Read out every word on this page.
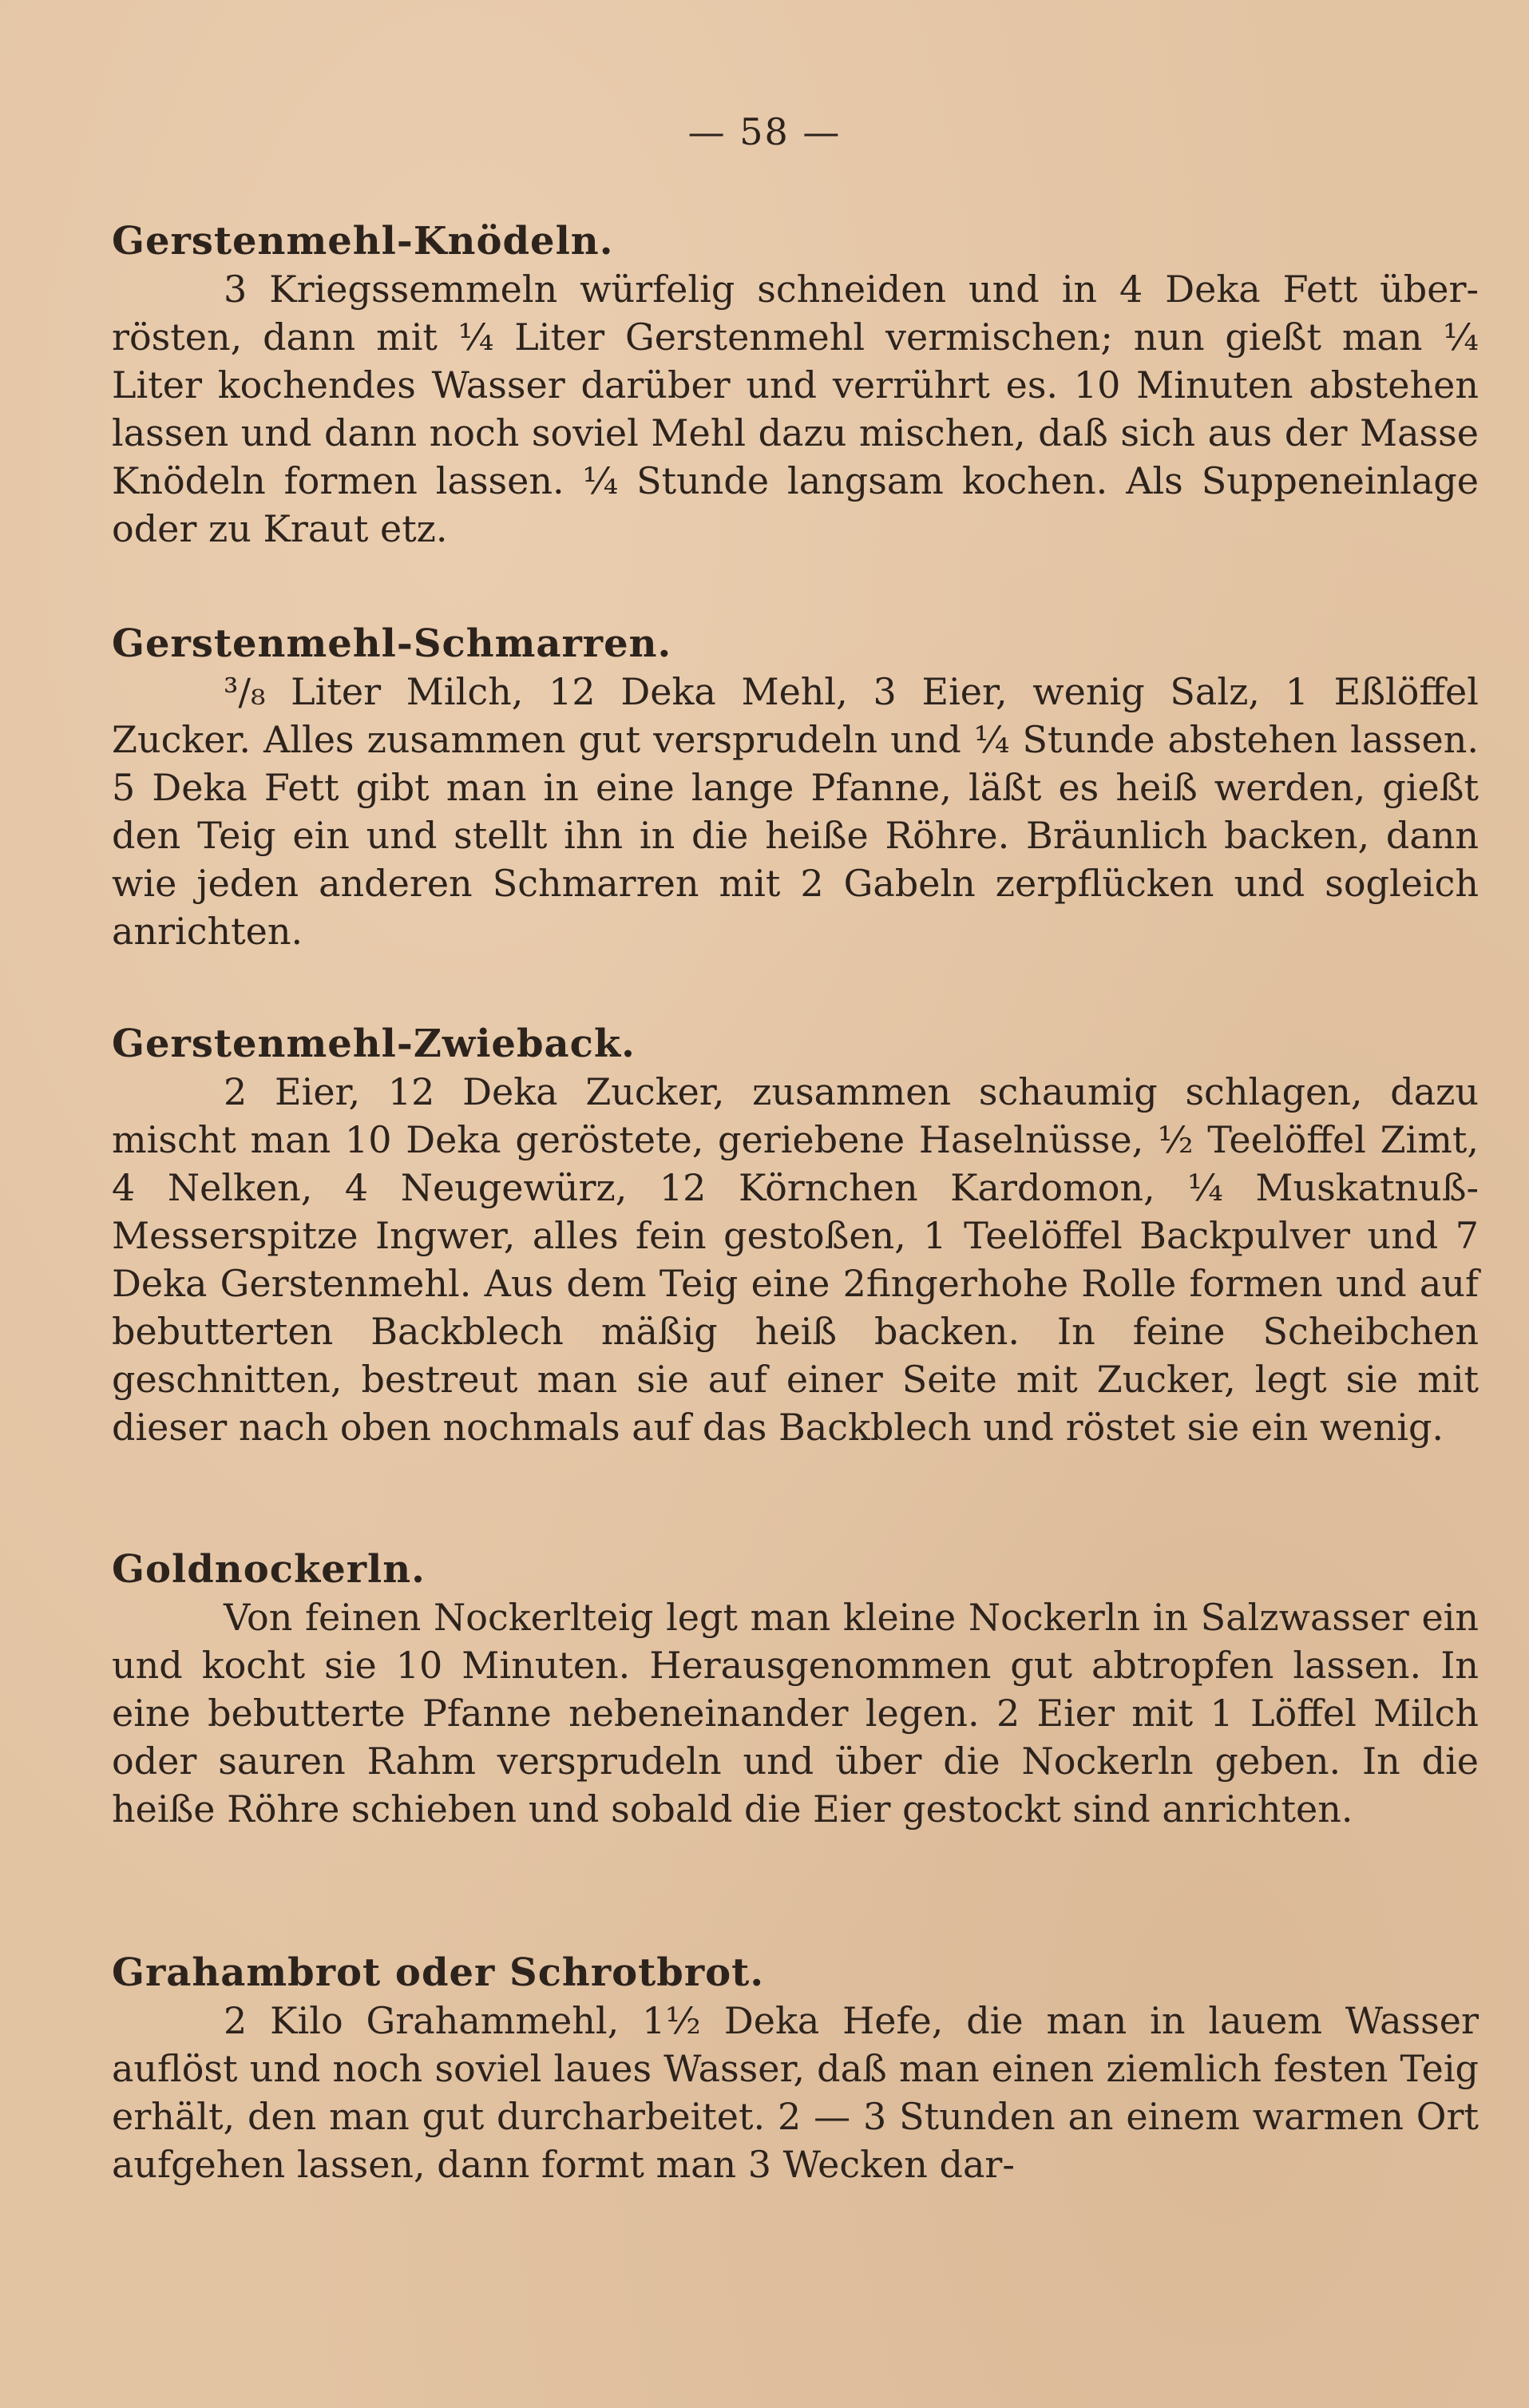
— 58 —
Gerstenmehl-Knödeln.

3 Kriegssemmeln würfelig schneiden und in 4 Deka Fett überrösten, dann mit ¼ Liter Gerstenmehl vermischen; nun gießt man ¼ Liter kochendes Wasser darüber und verrührt es. 10 Minuten abstehen lassen und dann noch soviel Mehl dazu mischen, daß sich aus der Masse Knödeln formen lassen. ¼ Stunde langsam kochen. Als Suppeneinlage oder zu Kraut etz.

Gerstenmehl-Schmarren.

³/₈ Liter Milch, 12 Deka Mehl, 3 Eier, wenig Salz, 1 Eßlöffel Zucker. Alles zusammen gut versprudeln und ¼ Stunde abstehen lassen. 5 Deka Fett gibt man in eine lange Pfanne, läßt es heiß werden, gießt den Teig ein und stellt ihn in die heiße Röhre. Bräunlich backen, dann wie jeden anderen Schmarren mit 2 Gabeln zerpflücken und sogleich anrichten.

Gerstenmehl-Zwieback.

2 Eier, 12 Deka Zucker, zusammen schaumig schlagen, dazu mischt man 10 Deka geröstete, geriebene Haselnüsse, ½ Teelöffel Zimt, 4 Nelken, 4 Neugewürz, 12 Körnchen Kardomon, ¼ Muskatnuß- Messerspitze Ingwer, alles fein gestoßen, 1 Teelöffel Backpulver und 7 Deka Gerstenmehl. Aus dem Teig eine 2fingerhohe Rolle formen und auf bebutterten Backblech mäßig heiß backen. In feine Scheibchen geschnitten, bestreut man sie auf einer Seite mit Zucker, legt sie mit dieser nach oben nochmals auf das Backblech und röstet sie ein wenig.

Goldnockerln.

Von feinen Nockerlteig legt man kleine Nockerln in Salzwasser ein und kocht sie 10 Minuten. Herausgenommen gut abtropfen lassen. In eine bebutterte Pfanne nebeneinander legen. 2 Eier mit 1 Löffel Milch oder sauren Rahm versprudeln und über die Nockerln geben. In die heiße Röhre schieben und sobald die Eier gestockt sind anrichten.

Grahambrot oder Schrotbrot.

2 Kilo Grahammehl, 1½ Deka Hefe, die man in lauem Wasser auflöst und noch soviel laues Wasser, daß man einen ziemlich festen Teig erhält, den man gut durcharbeitet. 2 — 3 Stunden an einem warmen Ort aufgehen lassen, dann formt man 3 Wecken dar-
